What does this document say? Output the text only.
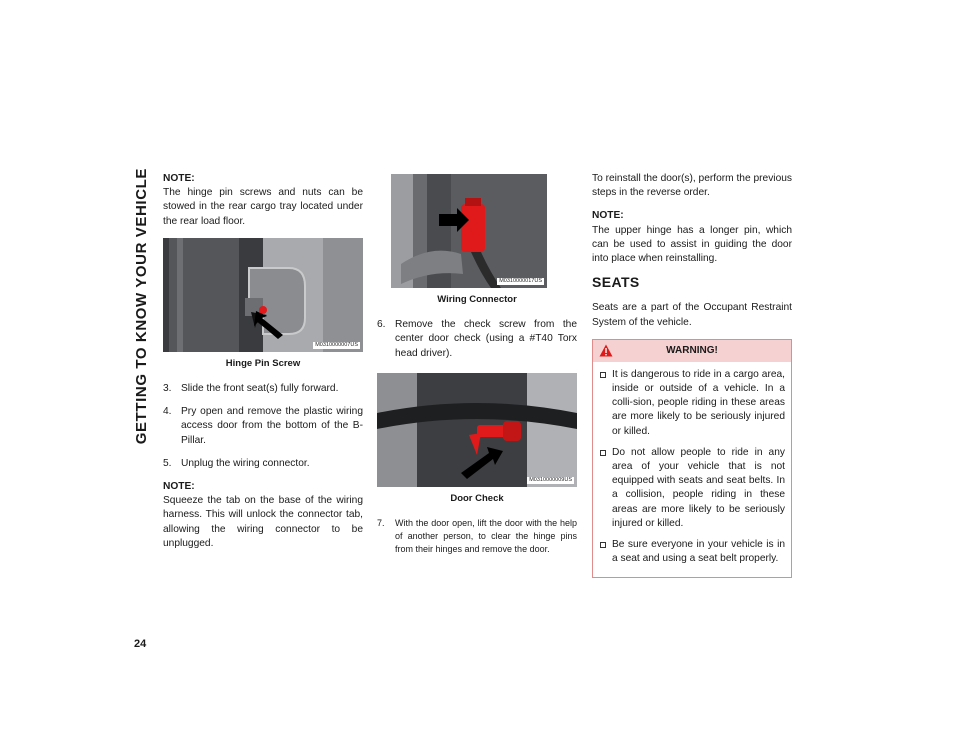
GETTING TO KNOW YOUR VEHICLE
24

NOTE:
The hinge pin screws and nuts can be stowed in the rear cargo tray located under the rear load floor.

M0310000007US
Hinge Pin Screw
3. Slide the front seat(s) fully forward.
4. Pry open and remove the plastic wiring access door from the bottom of the B-Pillar.
5. Unplug the wiring connector.

NOTE:
Squeeze the tab on the base of the wiring harness. This will unlock the connector tab, allowing the wiring connector to be unplugged.

M0310000017US
Wiring Connector
6. Remove the check screw from the center door check (using a #T40 Torx head driver).
M0310000009US
Door Check
7.	With the door open, lift the door with the help of another person, to clear the hinge pins from their hinges and remove the door.

To reinstall the door(s), perform the previous steps in the reverse order.

NOTE:
The upper hinge has a longer pin, which can be used to assist in guiding the door into place when reinstalling.

SEATS

Seats are a part of the Occupant Restraint System of the vehicle.

WARNING!
It is dangerous to ride in a cargo area, inside or outside of a vehicle. In a colli-sion, people riding in these areas are more likely to be seriously injured or killed.
Do not allow people to ride in any area of your vehicle that is not equipped with seats and seat belts. In a collision, people riding in these areas are more likely to be seriously injured or killed.
Be sure everyone in your vehicle is in a seat and using a seat belt properly.
